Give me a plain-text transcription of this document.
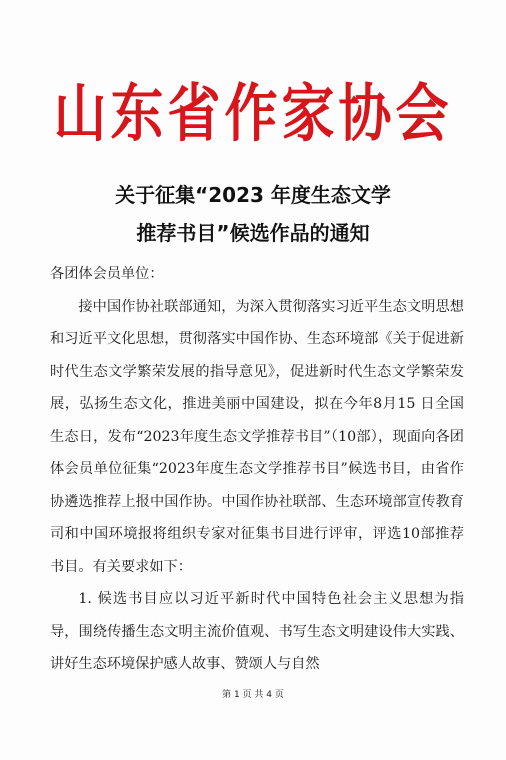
山东省作家协会
关于征集“2023 年度生态文学
推荐书目”候选作品的通知

各团体会员单位：

接中国作协社联部通知，为深入贯彻落实习近平生态文明思想和习近平文化思想，贯彻落实中国作协、生态环境部《关于促进新时代生态文学繁荣发展的指导意见》，促进新时代生态文学繁荣发展，弘扬生态文化，推进美丽中国建设，拟在今年8月15 日全国生态日，发布“2023年度生态文学推荐书目”（10部），现面向各团体会员单位征集“2023年度生态文学推荐书目”候选书目，由省作协遴选推荐上报中国作协。中国作协社联部、生态环境部宣传教育司和中国环境报将组织专家对征集书目进行评审，评选10部推荐书目。有关要求如下：

1. 候选书目应以习近平新时代中国特色社会主义思想为指导，围绕传播生态文明主流价值观、书写生态文明建设伟大实践、讲好生态环境保护感人故事、赞颂人与自然

第 1 页 共 4 页
